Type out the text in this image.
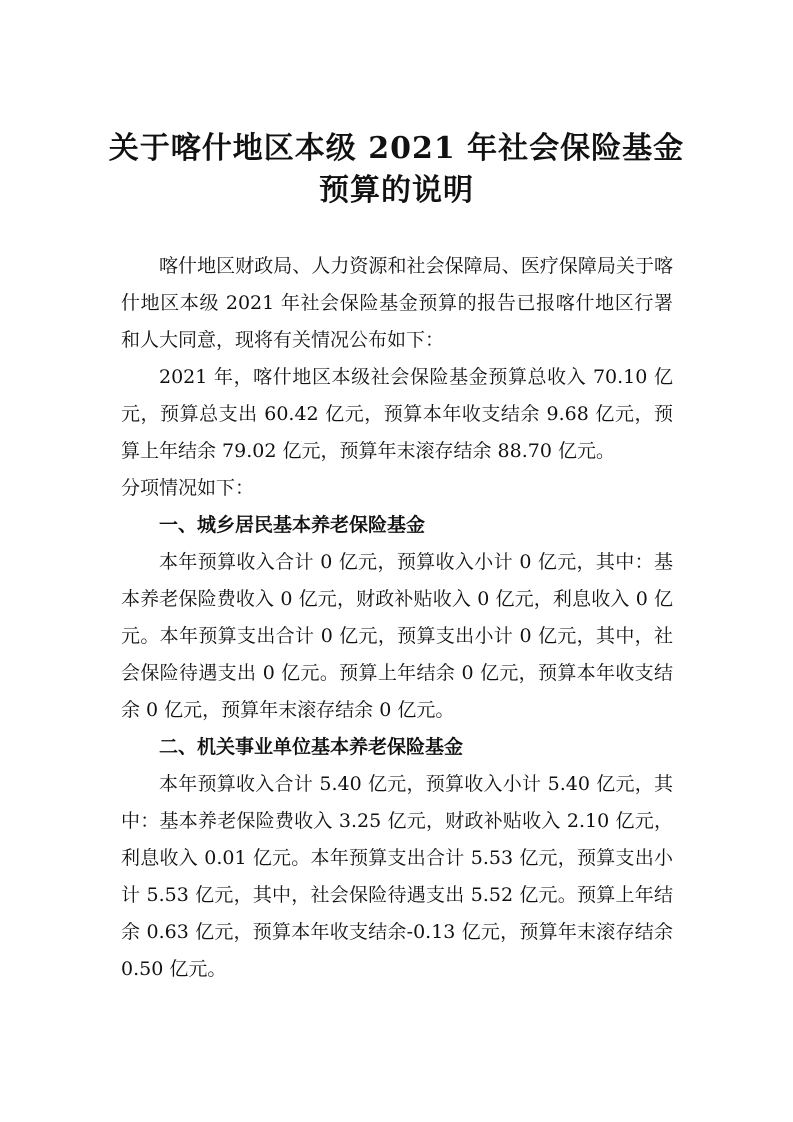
关于喀什地区本级 2021 年社会保险基金
预算的说明

喀什地区财政局、人力资源和社会保障局、医疗保障局关于喀什地区本级 2021 年社会保险基金预算的报告已报喀什地区行署和人大同意，现将有关情况公布如下：

2021 年，喀什地区本级社会保险基金预算总收入 70.10 亿元，预算总支出 60.42 亿元，预算本年收支结余 9.68 亿元，预算上年结余 79.02 亿元，预算年末滚存结余 88.70 亿元。

分项情况如下：

一、城乡居民基本养老保险基金

本年预算收入合计 0 亿元，预算收入小计 0 亿元，其中：基本养老保险费收入 0 亿元，财政补贴收入 0 亿元，利息收入 0 亿元。本年预算支出合计 0 亿元，预算支出小计 0 亿元，其中，社会保险待遇支出 0 亿元。预算上年结余 0 亿元，预算本年收支结余 0 亿元，预算年末滚存结余 0 亿元。

二、机关事业单位基本养老保险基金

本年预算收入合计 5.40 亿元，预算收入小计 5.40 亿元，其中：基本养老保险费收入 3.25 亿元，财政补贴收入 2.10 亿元，利息收入 0.01 亿元。本年预算支出合计 5.53 亿元，预算支出小计 5.53 亿元，其中，社会保险待遇支出 5.52 亿元。预算上年结余 0.63 亿元，预算本年收支结余-0.13 亿元，预算年末滚存结余 0.50 亿元。
